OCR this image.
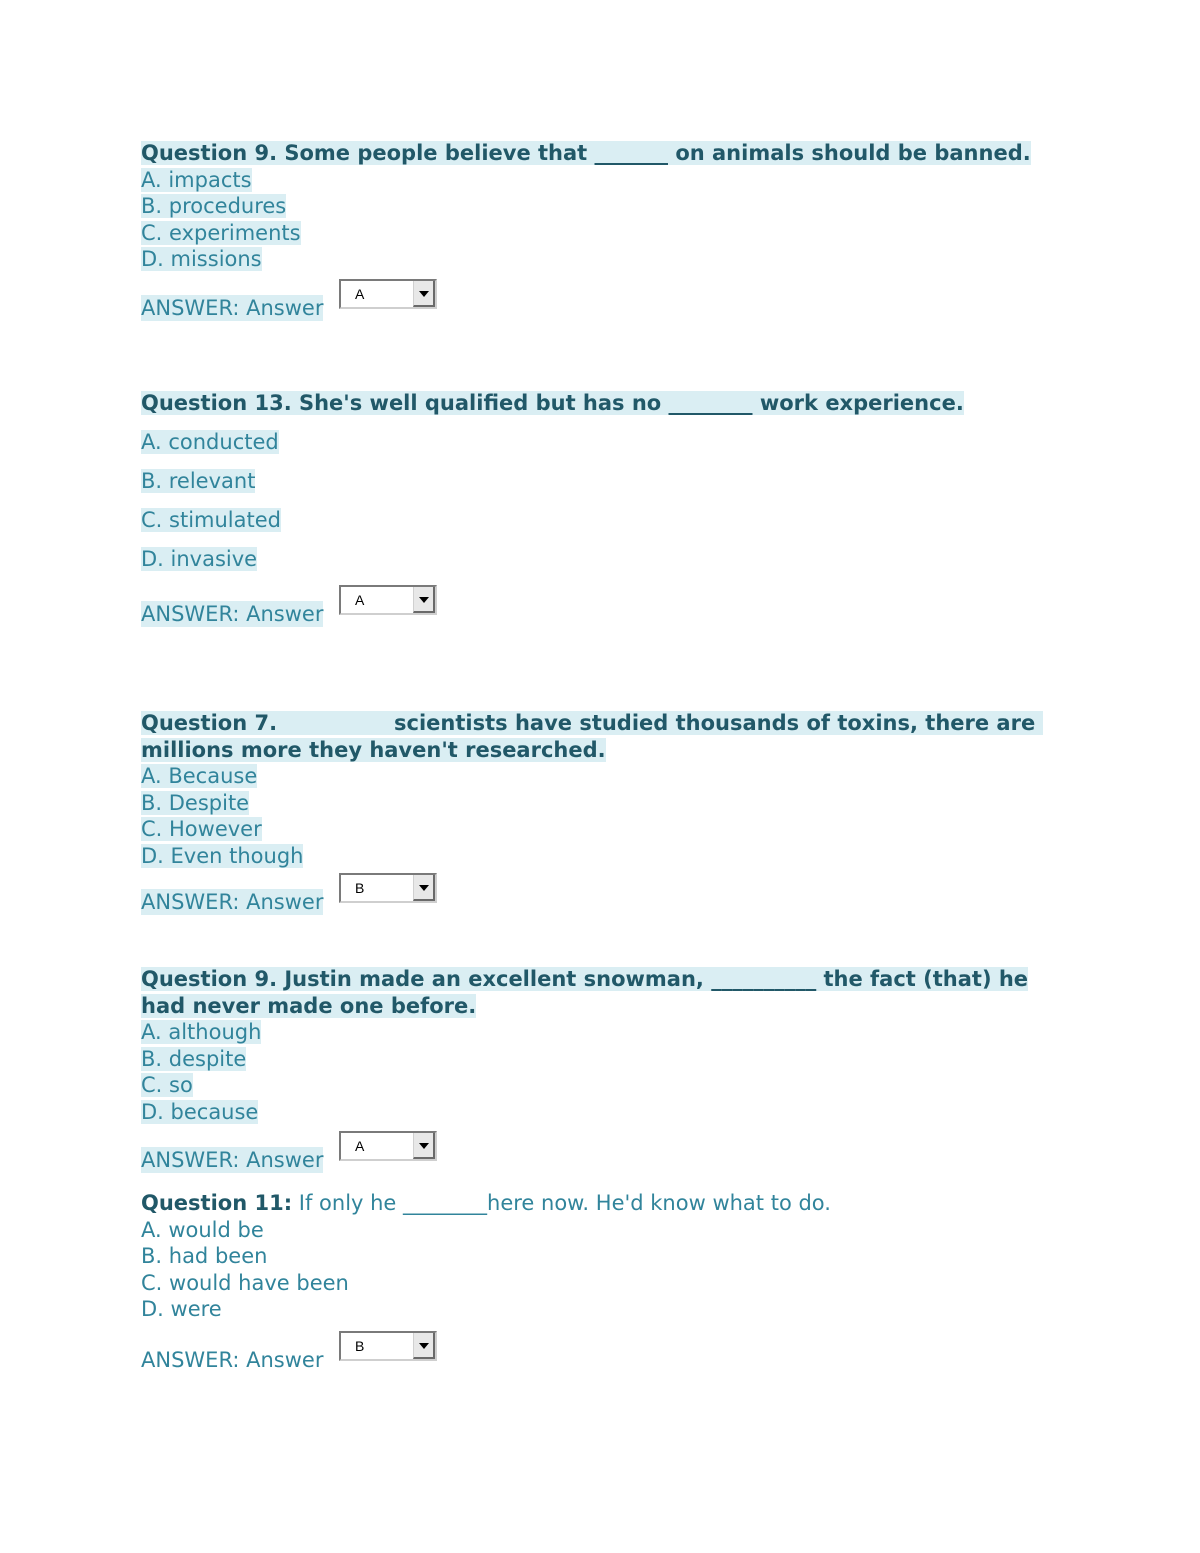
Question 9. Some people believe that _______ on animals should be banned.
A. impacts
B. procedures
C. experiments
D. missions
ANSWER: Answer
A
Question 13. She's well qualified but has no ________ work experience.
A. conducted
B. relevant
C. stimulated
D. invasive
ANSWER: Answer
A
Question 7.                scientists have studied thousands of toxins, there are millions more they haven't researched.
A. Because
B. Despite
C. However
D. Even though
ANSWER: Answer
B
Question 9. Justin made an excellent snowman, __________ the fact (that) he had never made one before.
A. although
B. despite
C. so
D. because
ANSWER: Answer
A
Question 11: If only he ________here now. He'd know what to do.
A. would be
B. had been
C. would have been
D. were
ANSWER: Answer
B
